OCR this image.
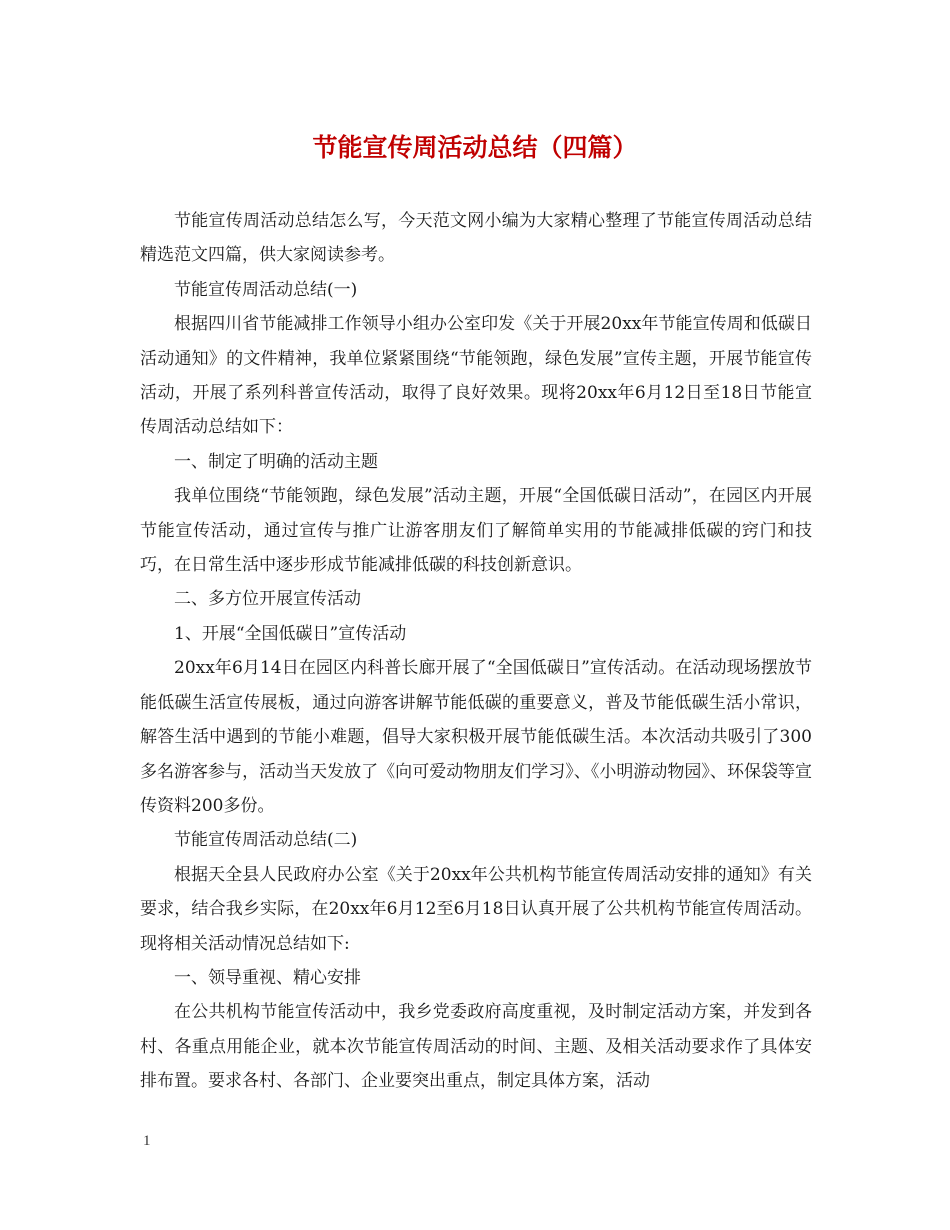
节能宣传周活动总结（四篇）

节能宣传周活动总结怎么写，今天范文网小编为大家精心整理了节能宣传周活动总结精选范文四篇，供大家阅读参考。

节能宣传周活动总结(一)

根据四川省节能减排工作领导小组办公室印发《关于开展20xx年节能宣传周和低碳日活动通知》的文件精神，我单位紧紧围绕“节能领跑，绿色发展”宣传主题，开展节能宣传活动，开展了系列科普宣传活动，取得了良好效果。现将20xx年6月12日至18日节能宣传周活动总结如下：

一、制定了明确的活动主题

我单位围绕“节能领跑，绿色发展”活动主题，开展“全国低碳日活动”，在园区内开展节能宣传活动，通过宣传与推广让游客朋友们了解简单实用的节能减排低碳的窍门和技巧，在日常生活中逐步形成节能减排低碳的科技创新意识。

二、多方位开展宣传活动

1、开展“全国低碳日”宣传活动

20xx年6月14日在园区内科普长廊开展了“全国低碳日”宣传活动。在活动现场摆放节能低碳生活宣传展板，通过向游客讲解节能低碳的重要意义，普及节能低碳生活小常识，解答生活中遇到的节能小难题，倡导大家积极开展节能低碳生活。本次活动共吸引了300多名游客参与，活动当天发放了《向可爱动物朋友们学习》、《小明游动物园》、环保袋等宣传资料200多份。

节能宣传周活动总结(二)

根据天全县人民政府办公室《关于20xx年公共机构节能宣传周活动安排的通知》有关要求，结合我乡实际，在20xx年6月12至6月18日认真开展了公共机构节能宣传周活动。现将相关活动情况总结如下:

一、领导重视、精心安排

在公共机构节能宣传活动中，我乡党委政府高度重视，及时制定活动方案，并发到各村、各重点用能企业，就本次节能宣传周活动的时间、主题、及相关活动要求作了具体安排布置。要求各村、各部门、企业要突出重点，制定具体方案，活动

1
